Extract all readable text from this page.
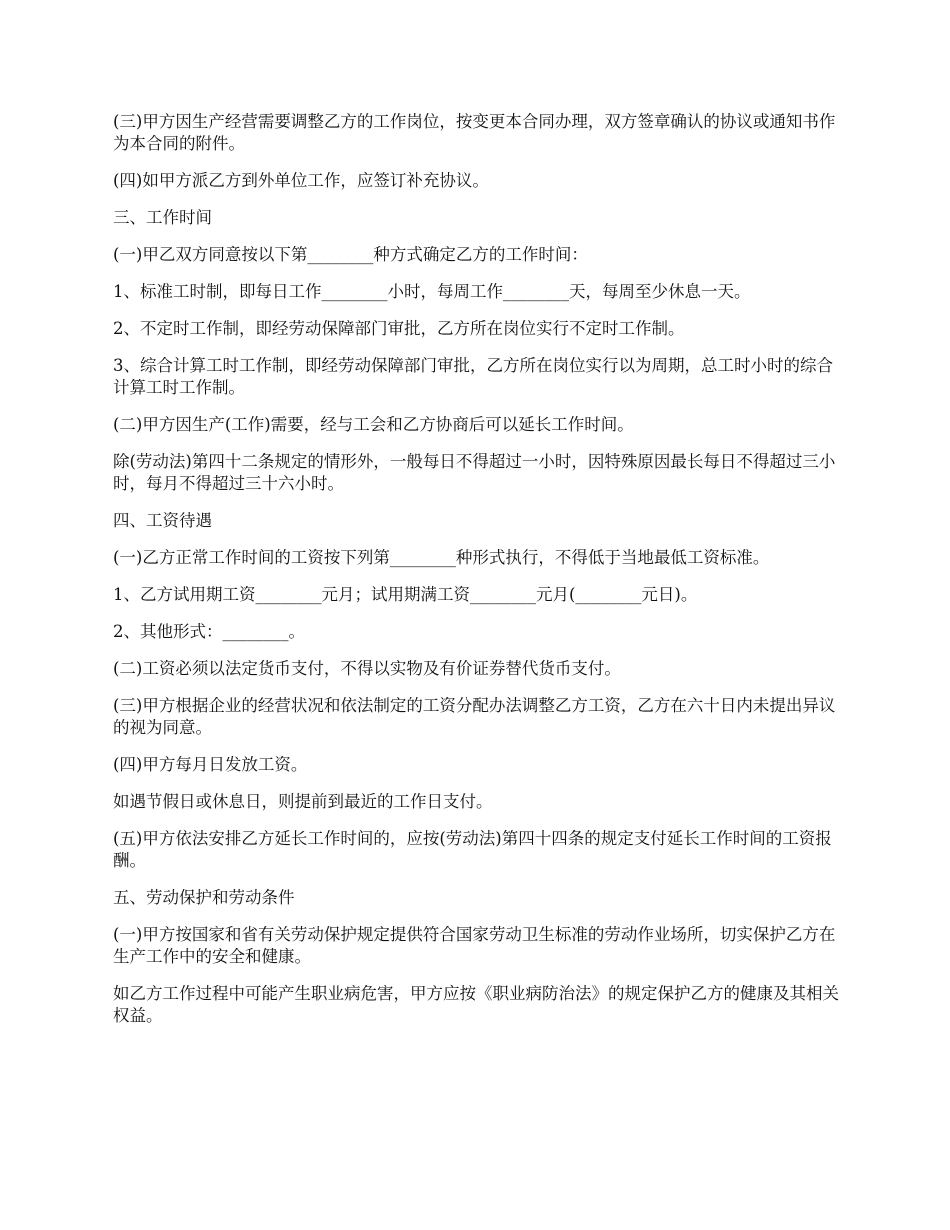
(三)甲方因生产经营需要调整乙方的工作岗位，按变更本合同办理，双方签章确认的协议或通知书作为本合同的附件。

(四)如甲方派乙方到外单位工作，应签订补充协议。

三、工作时间

(一)甲乙双方同意按以下第________种方式确定乙方的工作时间：

1、标准工时制，即每日工作________小时，每周工作________天，每周至少休息一天。

2、不定时工作制，即经劳动保障部门审批，乙方所在岗位实行不定时工作制。

3、综合计算工时工作制，即经劳动保障部门审批，乙方所在岗位实行以为周期，总工时小时的综合计算工时工作制。

(二)甲方因生产(工作)需要，经与工会和乙方协商后可以延长工作时间。

除(劳动法)第四十二条规定的情形外，一般每日不得超过一小时，因特殊原因最长每日不得超过三小时，每月不得超过三十六小时。

四、工资待遇

(一)乙方正常工作时间的工资按下列第________种形式执行，不得低于当地最低工资标准。

1、乙方试用期工资________元月；试用期满工资________元月(________元日)。

2、其他形式：________。

(二)工资必须以法定货币支付，不得以实物及有价证券替代货币支付。

(三)甲方根据企业的经营状况和依法制定的工资分配办法调整乙方工资，乙方在六十日内未提出异议的视为同意。

(四)甲方每月日发放工资。

如遇节假日或休息日，则提前到最近的工作日支付。

(五)甲方依法安排乙方延长工作时间的，应按(劳动法)第四十四条的规定支付延长工作时间的工资报酬。

五、劳动保护和劳动条件

(一)甲方按国家和省有关劳动保护规定提供符合国家劳动卫生标准的劳动作业场所，切实保护乙方在生产工作中的安全和健康。

如乙方工作过程中可能产生职业病危害，甲方应按《职业病防治法》的规定保护乙方的健康及其相关权益。
